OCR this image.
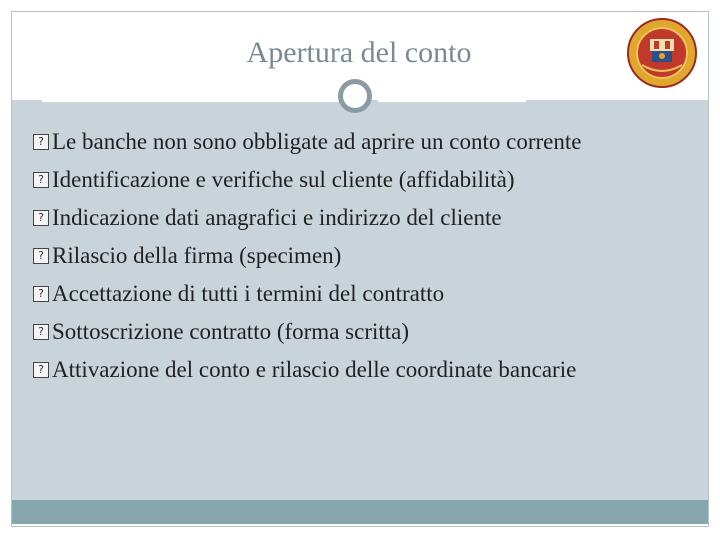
Apertura del conto
? Le banche non sono obbligate ad aprire un conto corrente
? Identificazione e verifiche sul cliente (affidabilità)
? Indicazione dati anagrafici e indirizzo del cliente
? Rilascio della firma (specimen)
? Accettazione di tutti i termini del contratto
? Sottoscrizione contratto (forma scritta)
? Attivazione del conto e rilascio delle coordinate bancarie
